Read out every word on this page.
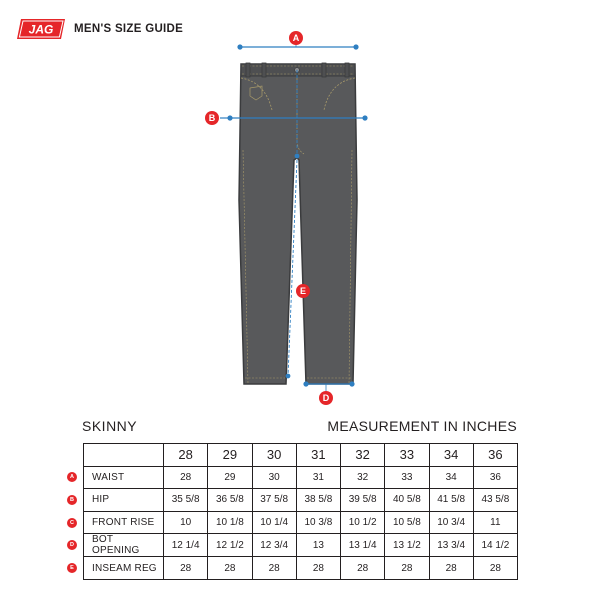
JAG MEN'S SIZE GUIDE
A
B
D
E
SKINNY	MEASUREMENT IN INCHES
	28	29	30	31	32	33	34	36
WAIST	28	29	30	31	32	33	34	36
HIP	35 5/8	36 5/8	37 5/8	38 5/8	39 5/8	40 5/8	41 5/8	43 5/8
FRONT RISE	10	10 1/8	10 1/4	10 3/8	10 1/2	10 5/8	10 3/4	11
BOT OPENING	12 1/4	12 1/2	12 3/4	13	13 1/4	13 1/2	13 3/4	14 1/2
INSEAM REG	28	28	28	28	28	28	28	28
A
B
C
D
E
